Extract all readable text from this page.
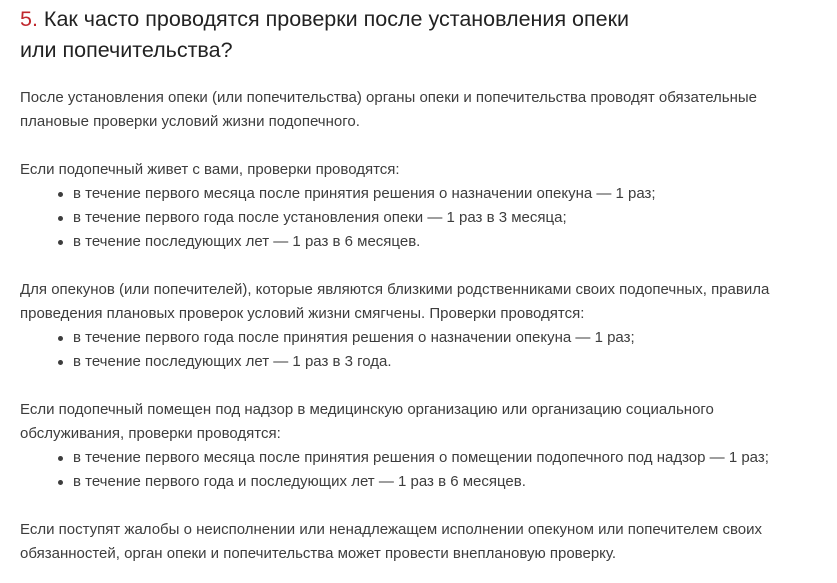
5. Как часто проводятся проверки после установления опеки
или попечительства?

После установления опеки (или попечительства) органы опеки и попечительства проводят обязательные

плановые проверки условий жизни подопечного.

Если подопечный живет с вами, проверки проводятся:

в течение первого месяца после принятия решения о назначении опекуна — 1 раз;
в течение первого года после установления опеки — 1 раз в 3 месяца;
в течение последующих лет — 1 раз в 6 месяцев.

Для опекунов (или попечителей), которые являются близкими родственниками своих подопечных, правила

проведения плановых проверок условий жизни смягчены. Проверки проводятся:

в течение первого года после принятия решения о назначении опекуна — 1 раз;
в течение последующих лет — 1 раз в 3 года.

Если подопечный помещен под надзор в медицинскую организацию или организацию социального

обслуживания, проверки проводятся:

в течение первого месяца после принятия решения о помещении подопечного под надзор — 1 раз;
в течение первого года и последующих лет — 1 раз в 6 месяцев.

Если поступят жалобы о неисполнении или ненадлежащем исполнении опекуном или попечителем своих

обязанностей, орган опеки и попечительства может провести внеплановую проверку.
